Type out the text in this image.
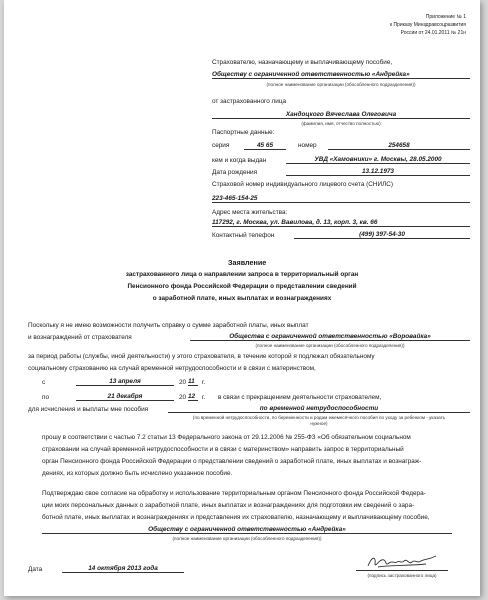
Приложение № 1
к Приказу Минздравсоцразвития
России от 24.01.2011 № 21н
Страхователю, назначающему и выплачивающему пособие,
Обществу с ограниченной ответственностью «Андрейка»
(полное наименование организации (обособленного подразделения))
от застрахованного лица
Хандоцкого Вячеслава Олеговича
(фамилия, имя, отчество полностью)
Паспортные данные:
серия	45 65	номер	254658
кем и когда выдан	УВД «Хамовники» г. Москвы, 28.05.2000
Дата рождения	13.12.1973
Страховой номер индивидуального лицевого счета (СНИЛС)
223-465-154-25
Адрес места жительства:
117292, г. Москва, ул. Вавилова, д. 13, корп. 3, кв. 66
Контактный телефон	(499) 397-54-30
Заявление
застрахованного лица о направлении запроса в территориальный орган
Пенсионного фонда Российской Федерации о представлении сведений
о заработной плате, иных выплатах и вознаграждениях
Поскольку я не имею возможности получить справку о сумме заработной платы, иных выплат
и вознаграждений от страхователя	Общества с ограниченной ответственностью «Воровайка»
(полное наименование организации (обособленного подразделения))
за период работы (службы, иной деятельности) у этого страхователя, в течение которой я подлежал обязательному
социальному страхованию на случай временной нетрудоспособности и в связи с материнством,
с	13 апреля	20 11	г.
по	21 декабря	20 12	г. в связи с прекращением деятельности страхователем,
для исчисления и выплаты мне пособия	по временной нетрудоспособности
(по временной нетрудоспособности, по беременности и родам ежемесячного пособия по уходу за ребенком - указать
нужное)
прошу в соответствии с частью 7.2 статьи 13 Федерального закона от 29.12.2006 № 255-ФЗ «Об обязательном социальном
страховании на случай временной нетрудоспособности и в связи с материнством» направить запрос в территориальный
орган Пенсионного фонда Российской Федерации о представлении сведений о заработной плате, иных выплатах и вознаграж-
дениях, из которых должно быть исчислено указанное пособие.
Подтверждаю свое согласие на обработку и использование территориальным органом Пенсионного фонда Российской Федера-
ции моих персональных данных о заработной плате, иных выплатах и вознаграждениях для подготовки им сведений о зара-
ботной плате, иных выплатах и вознаграждениях и представления их страхователю, назначающему и выплачивающему пособие,
Обществу с ограниченной ответственностью «Андрейка»
(полное наименование организации (обособленного подразделения))
Дата	14 октября 2013 года
(подпись застрахованного лица)
